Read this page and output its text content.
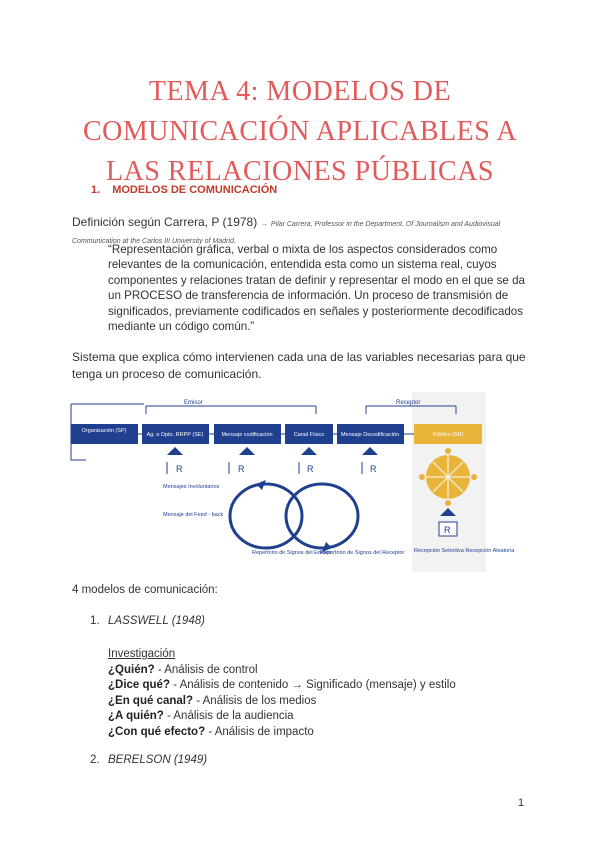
TEMA 4: MODELOS DE COMUNICACIÓN APLICABLES A LAS RELACIONES PÚBLICAS
1. MODELOS DE COMUNICACIÓN
Definición según Carrera, P (1978) → Pilar Carrera, Professor in the Department. Of Journalism and Audiovisual Communication at the Carlos III University of Madrid.
“Representación gráfica, verbal o mixta de los aspectos considerados como relevantes de la comunicación, entendida esta como un sistema real, cuyos componentes y relaciones tratan de definir y representar el modo en el que se da un PROCESO de transferencia de información. Un proceso de transmisión de significados, previamente codificados en señales y posteriormente decodificados mediante un código común.”
Sistema que explica cómo intervienen cada una de las variables necesarias para que tenga un proceso de comunicación.
Emisor	Receptor
Organización (SP)
Ag. o Dpto. RRPP (SE)	Mensaje codificación	Canal Físico	Mensaje Decodificación	Público (SR)
R	R	R	R
Mensajes Involuntarios
Mensaje del Feed - back
Repertorio de Signos del Emisor
Repertorio de Signos del Receptor
R
Recepción Selectiva Recepción Aleatoria
4 modelos de comunicación:
1. LASSWELL (1948)
Investigación
¿Quién? - Análisis de control
¿Dice qué? - Análisis de contenido → Significado (mensaje) y estilo
¿En qué canal? - Análisis de los medios
¿A quién? - Análisis de la audiencia
¿Con qué efecto? - Análisis de impacto
2. BERELSON (1949)
1
